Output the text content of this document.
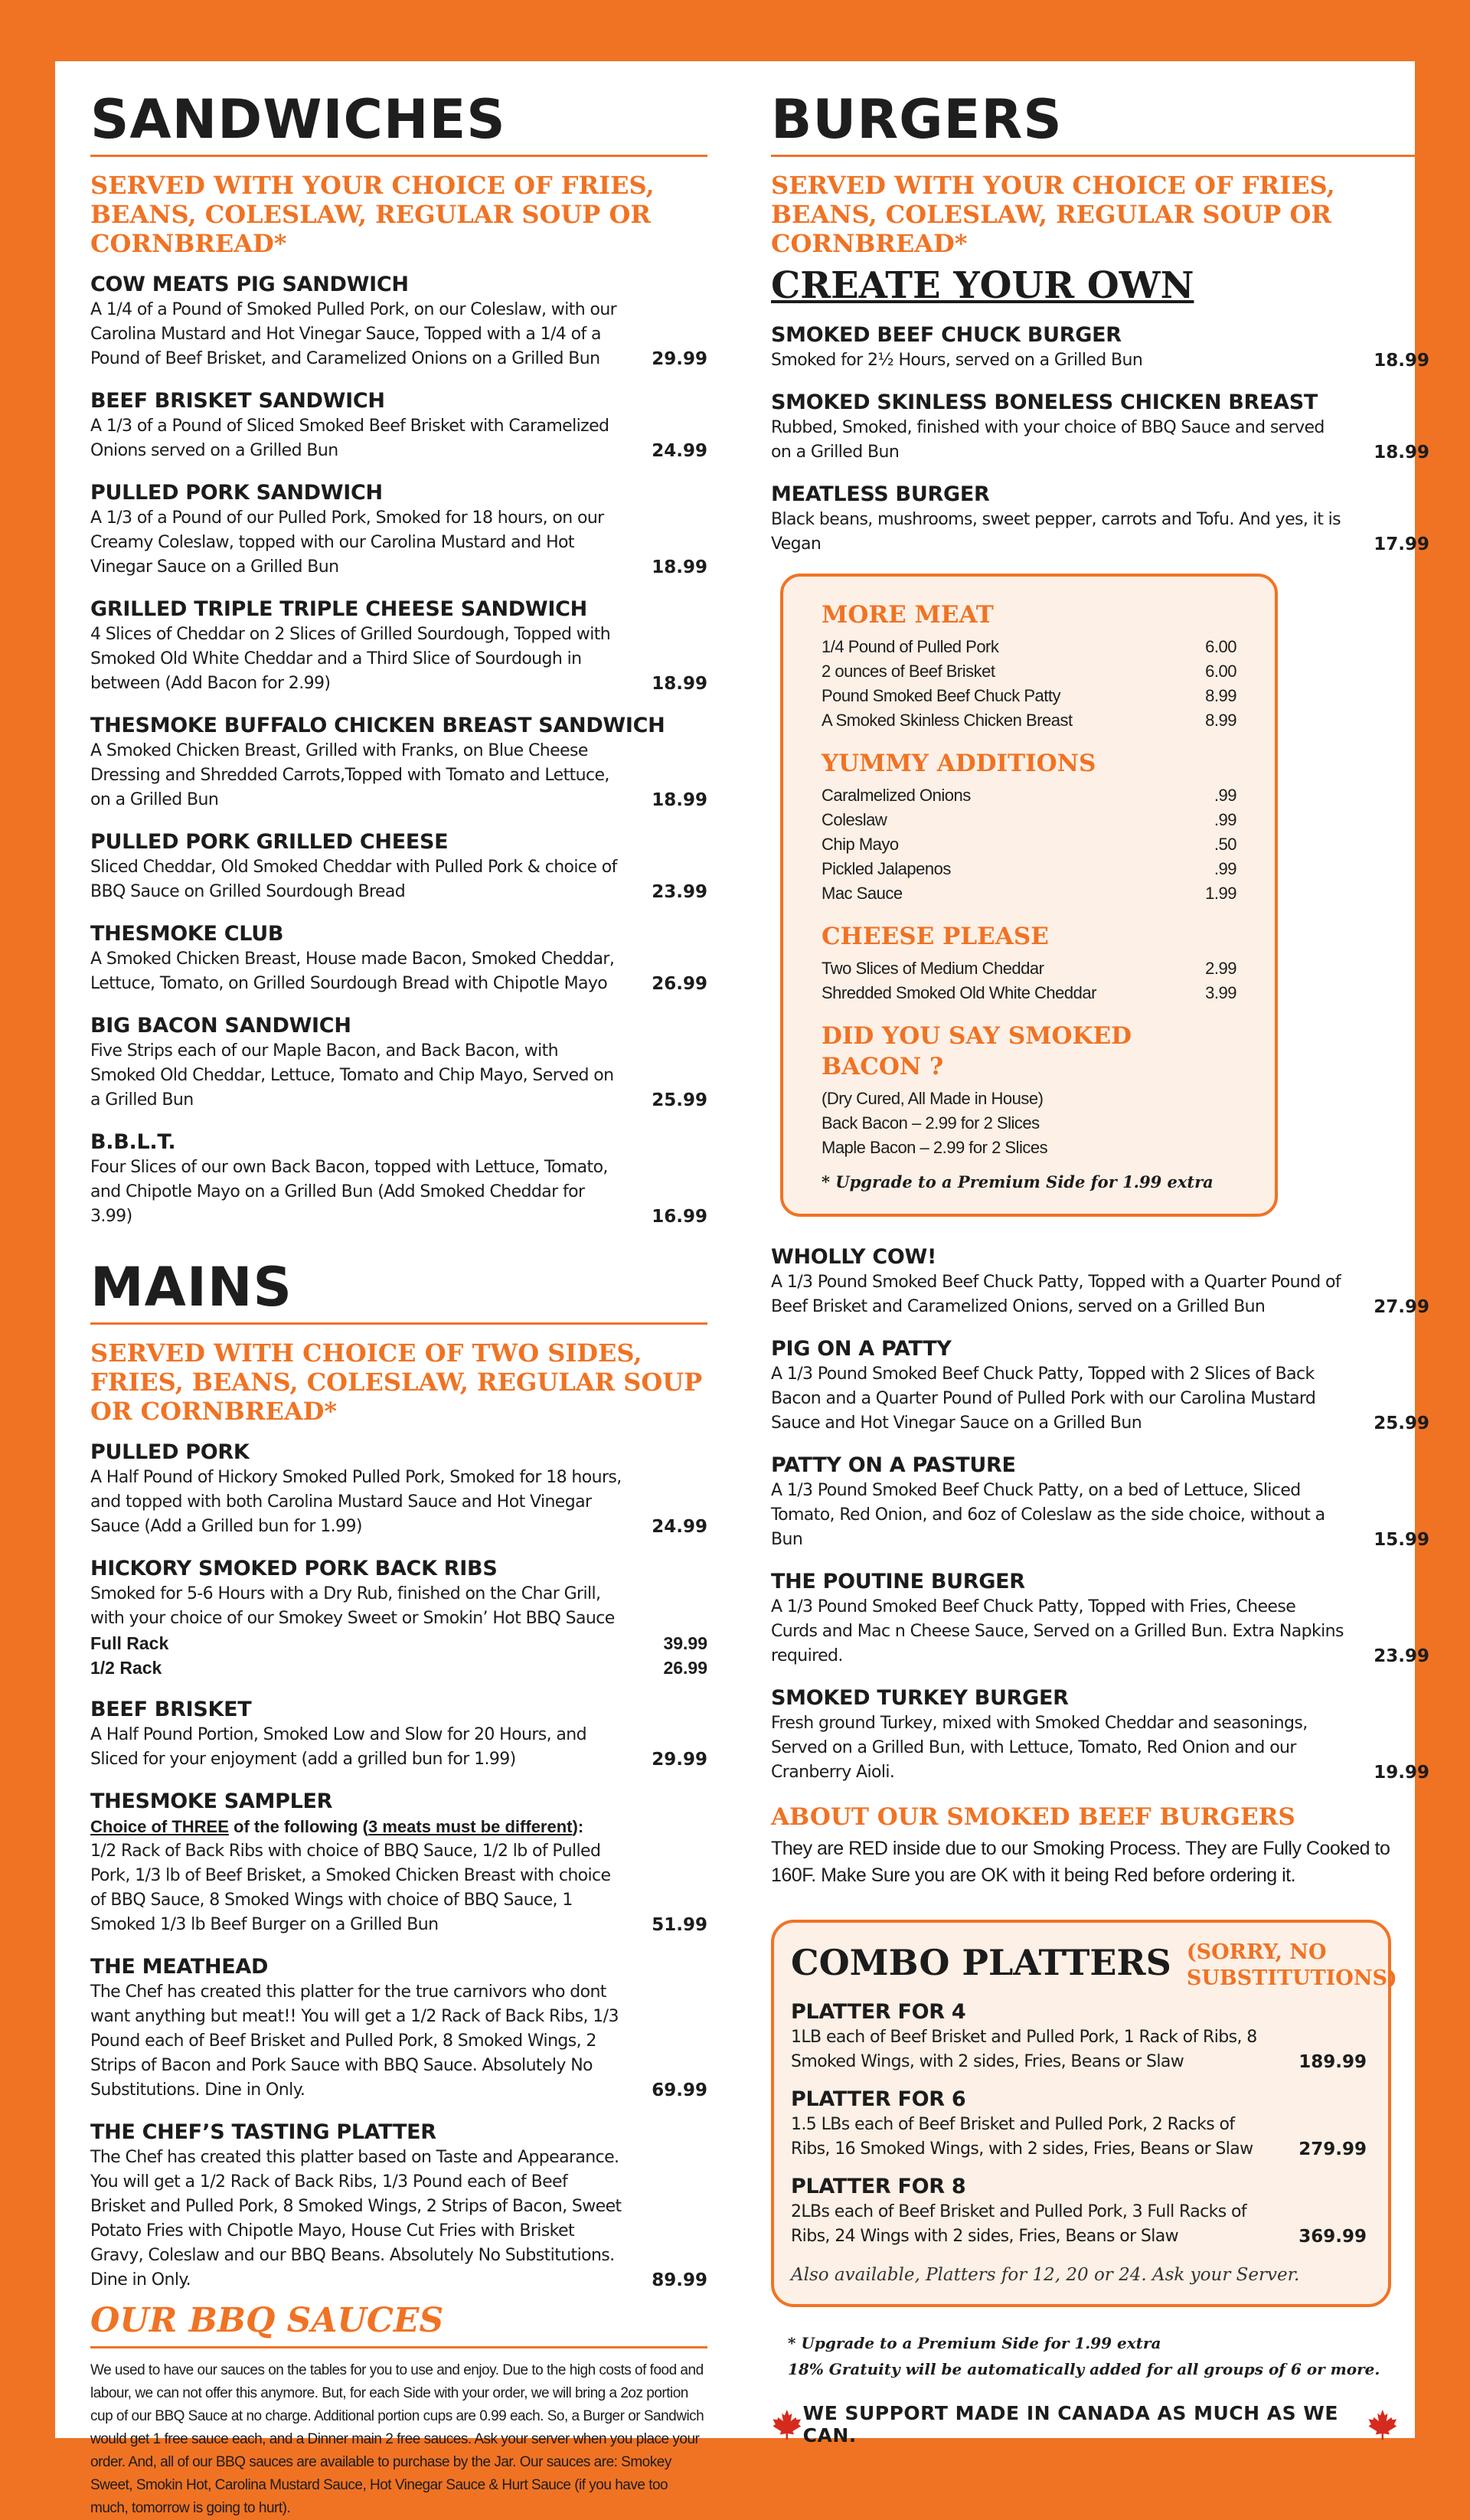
SANDWICHES
SERVED WITH YOUR CHOICE OF FRIES, BEANS, COLESLAW, REGULAR SOUP OR CORNBREAD*
COW MEATS PIG SANDWICH
A 1/4 of a Pound of Smoked Pulled Pork, on our Coleslaw, with our Carolina Mustard and Hot Vinegar Sauce, Topped with a 1/4 of a Pound of Beef Brisket, and Caramelized Onions on a Grilled Bun	29.99
BEEF BRISKET SANDWICH
A 1/3 of a Pound of Sliced Smoked Beef Brisket with Caramelized Onions served on a Grilled Bun	24.99
PULLED PORK SANDWICH
A 1/3 of a Pound of our Pulled Pork, Smoked for 18 hours, on our Creamy Coleslaw, topped with our Carolina Mustard and Hot Vinegar Sauce on a Grilled Bun	18.99
GRILLED TRIPLE TRIPLE CHEESE SANDWICH
4 Slices of Cheddar on 2 Slices of Grilled Sourdough, Topped with Smoked Old White Cheddar and a Third Slice of Sourdough in between (Add Bacon for 2.99)	18.99
THESMOKE BUFFALO CHICKEN BREAST SANDWICH
A Smoked Chicken Breast, Grilled with Franks, on Blue Cheese Dressing and Shredded Carrots,Topped with Tomato and Lettuce, on a Grilled Bun	18.99
PULLED PORK GRILLED CHEESE
Sliced Cheddar, Old Smoked Cheddar with Pulled Pork & choice of BBQ Sauce on Grilled Sourdough Bread	23.99
THESMOKE CLUB
A Smoked Chicken Breast, House made Bacon, Smoked Cheddar, Lettuce, Tomato, on Grilled Sourdough Bread with Chipotle Mayo	26.99
BIG BACON SANDWICH
Five Strips each of our Maple Bacon, and Back Bacon, with Smoked Old Cheddar, Lettuce, Tomato and Chip Mayo, Served on a Grilled Bun	25.99
B.B.L.T.
Four Slices of our own Back Bacon, topped with Lettuce, Tomato, and Chipotle Mayo on a Grilled Bun (Add Smoked Cheddar for 3.99)	16.99
MAINS
SERVED WITH CHOICE OF TWO SIDES, FRIES, BEANS, COLESLAW, REGULAR SOUP OR CORNBREAD*
PULLED PORK
A Half Pound of Hickory Smoked Pulled Pork, Smoked for 18 hours, and topped with both Carolina Mustard Sauce and Hot Vinegar Sauce (Add a Grilled bun for 1.99)	24.99
HICKORY SMOKED PORK BACK RIBS
Smoked for 5-6 Hours with a Dry Rub, finished on the Char Grill, with your choice of our Smokey Sweet or Smokin’ Hot BBQ Sauce
Full Rack	39.99
1/2 Rack	26.99
BEEF BRISKET
A Half Pound Portion, Smoked Low and Slow for 20 Hours, and Sliced for your enjoyment (add a grilled bun for 1.99)	29.99
THESMOKE SAMPLER
Choice of THREE of the following (3 meats must be different):
1/2 Rack of Back Ribs with choice of BBQ Sauce, 1/2 lb of Pulled Pork, 1/3 lb of Beef Brisket, a Smoked Chicken Breast with choice of BBQ Sauce, 8 Smoked Wings with choice of BBQ Sauce, 1 Smoked 1/3 lb Beef Burger on a Grilled Bun	51.99
THE MEATHEAD
The Chef has created this platter for the true carnivors who dont want anything but meat!! You will get a 1/2 Rack of Back Ribs, 1/3 Pound each of Beef Brisket and Pulled Pork, 8 Smoked Wings, 2 Strips of Bacon and Pork Sauce with BBQ Sauce. Absolutely No Substitutions. Dine in Only.	69.99
THE CHEF’S TASTING PLATTER
The Chef has created this platter based on Taste and Appearance. You will get a 1/2 Rack of Back Ribs, 1/3 Pound each of Beef Brisket and Pulled Pork, 8 Smoked Wings, 2 Strips of Bacon, Sweet Potato Fries with Chipotle Mayo, House Cut Fries with Brisket Gravy, Coleslaw and our BBQ Beans. Absolutely No Substitutions. Dine in Only.	89.99
OUR BBQ SAUCES
We used to have our sauces on the tables for you to use and enjoy. Due to the high costs of food and labour, we can not offer this anymore. But, for each Side with your order, we will bring a 2oz portion cup of our BBQ Sauce at no charge. Additional portion cups are 0.99 each. So, a Burger or Sandwich would get 1 free sauce each, and a Dinner main 2 free sauces. Ask your server when you place your order. And, all of our BBQ sauces are available to purchase by the Jar. Our sauces are: Smokey Sweet, Smokin Hot, Carolina Mustard Sauce, Hot Vinegar Sauce & Hurt Sauce (if you have too much, tomorrow is going to hurt).
BURGERS
SERVED WITH YOUR CHOICE OF FRIES, BEANS, COLESLAW, REGULAR SOUP OR CORNBREAD*
CREATE YOUR OWN
SMOKED BEEF CHUCK BURGER
Smoked for 2½ Hours, served on a Grilled Bun	18.99
SMOKED SKINLESS BONELESS CHICKEN BREAST
Rubbed, Smoked, finished with your choice of BBQ Sauce and served on a Grilled Bun	18.99
MEATLESS BURGER
Black beans, mushrooms, sweet pepper, carrots and Tofu. And yes, it is Vegan	17.99
MORE MEAT
1/4 Pound of Pulled Pork	6.00
2 ounces of Beef Brisket	6.00
Pound Smoked Beef Chuck Patty	8.99
A Smoked Skinless Chicken Breast	8.99
YUMMY ADDITIONS
Caralmelized Onions	.99
Coleslaw	.99
Chip Mayo	.50
Pickled Jalapenos	.99
Mac Sauce	1.99
CHEESE PLEASE
Two Slices of Medium Cheddar	2.99
Shredded Smoked Old White Cheddar	3.99
DID YOU SAY SMOKED BACON ?
(Dry Cured, All Made in House)
Back Bacon – 2.99 for 2 Slices
Maple Bacon – 2.99 for 2 Slices
* Upgrade to a Premium Side for 1.99 extra
WHOLLY COW!
A 1/3 Pound Smoked Beef Chuck Patty, Topped with a Quarter Pound of Beef Brisket and Caramelized Onions, served on a Grilled Bun	27.99
PIG ON A PATTY
A 1/3 Pound Smoked Beef Chuck Patty, Topped with 2 Slices of Back Bacon and a Quarter Pound of Pulled Pork with our Carolina Mustard Sauce and Hot Vinegar Sauce on a Grilled Bun	25.99
PATTY ON A PASTURE
A 1/3 Pound Smoked Beef Chuck Patty, on a bed of Lettuce, Sliced Tomato, Red Onion, and 6oz of Coleslaw as the side choice, without a Bun	15.99
THE POUTINE BURGER
A 1/3 Pound Smoked Beef Chuck Patty, Topped with Fries, Cheese Curds and Mac n Cheese Sauce, Served on a Grilled Bun. Extra Napkins required.	23.99
SMOKED TURKEY BURGER
Fresh ground Turkey, mixed with Smoked Cheddar and seasonings, Served on a Grilled Bun, with Lettuce, Tomato, Red Onion and our Cranberry Aioli.	19.99
ABOUT OUR SMOKED BEEF BURGERS
They are RED inside due to our Smoking Process. They are Fully Cooked to 160F. Make Sure you are OK with it being Red before ordering it.
COMBO PLATTERS (SORRY, NO SUBSTITUTIONS)
PLATTER FOR 4
1LB each of Beef Brisket and Pulled Pork, 1 Rack of Ribs, 8 Smoked Wings, with 2 sides, Fries, Beans or Slaw	189.99
PLATTER FOR 6
1.5 LBs each of Beef Brisket and Pulled Pork, 2 Racks of Ribs, 16 Smoked Wings, with 2 sides, Fries, Beans or Slaw	279.99
PLATTER FOR 8
2LBs each of Beef Brisket and Pulled Pork, 3 Full Racks of Ribs, 24 Wings with 2 sides, Fries, Beans or Slaw	369.99
Also available, Platters for 12, 20 or 24. Ask your Server.
* Upgrade to a Premium Side for 1.99 extra
18% Gratuity will be automatically added for all groups of 6 or more.
WE SUPPORT MADE IN CANADA AS MUCH AS WE CAN.
